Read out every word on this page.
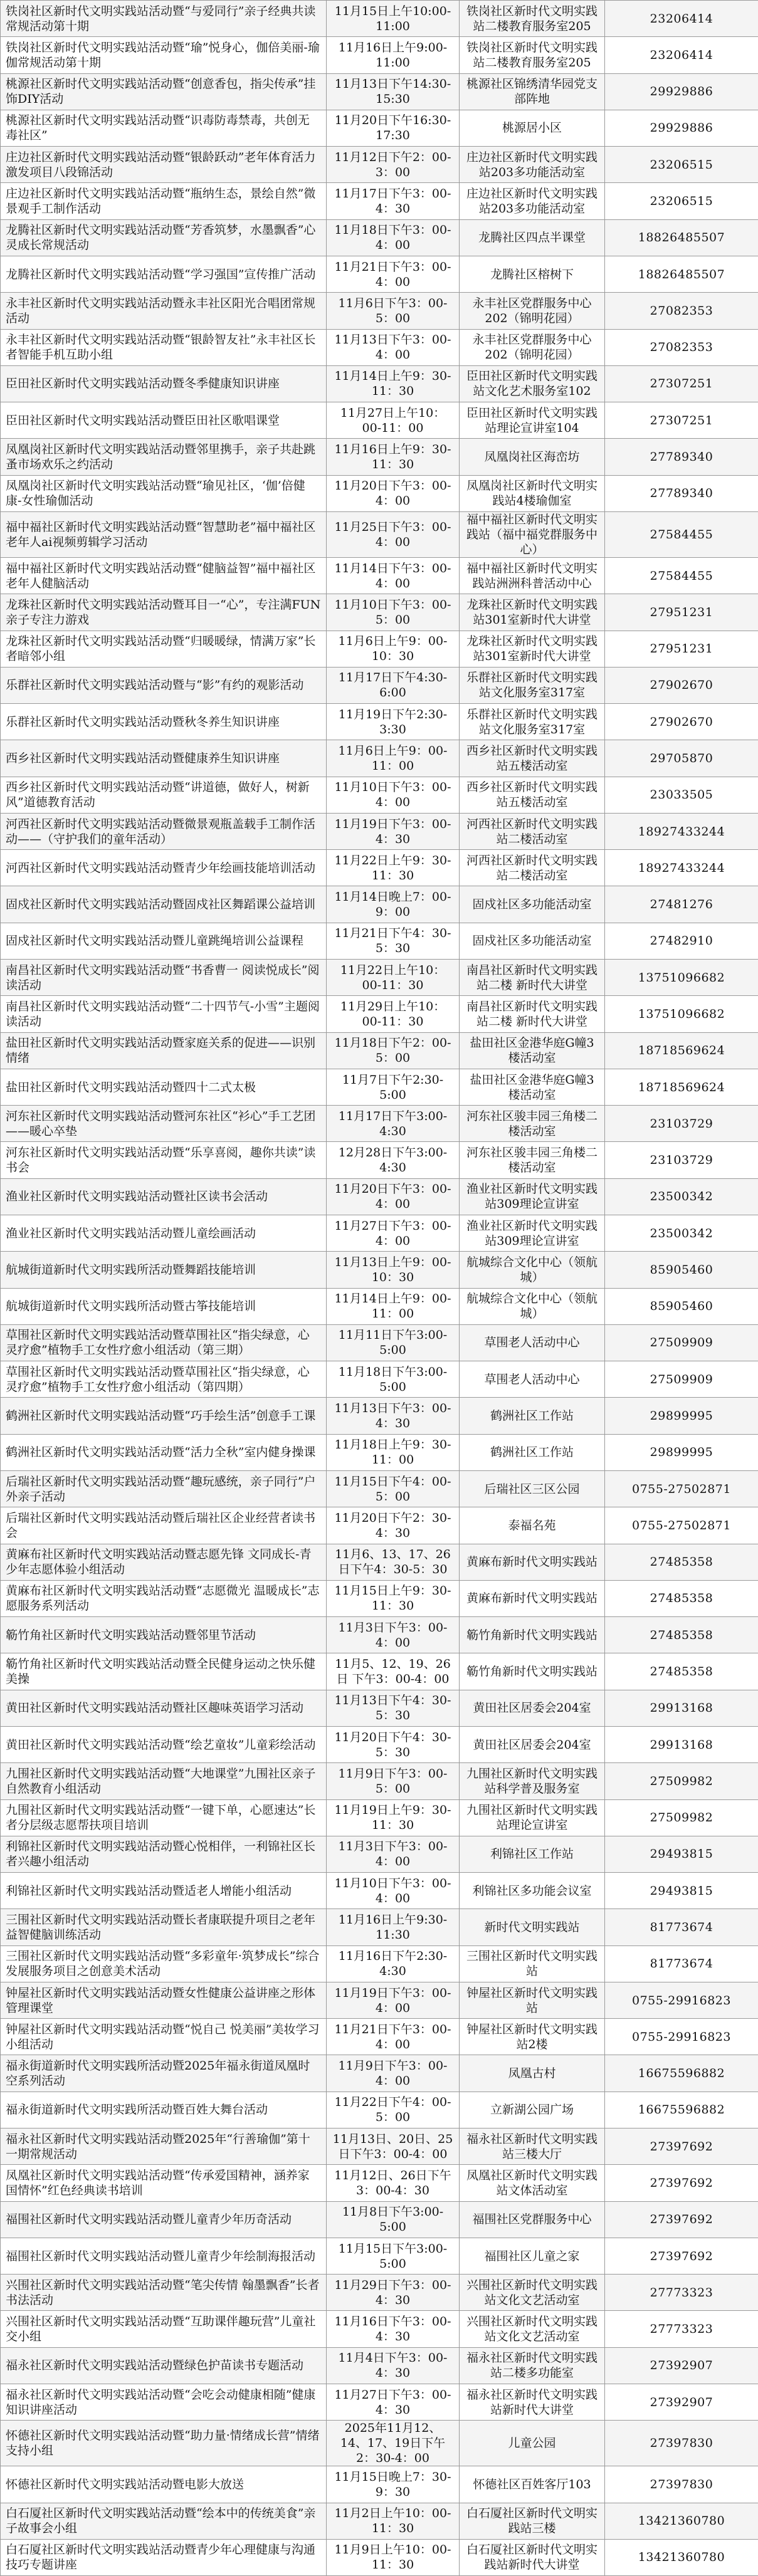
铁岗社区新时代文明实践站活动暨“与爱同行”亲子经典共读常规活动第十期	11月15日上午10:00-11:00	铁岗社区新时代文明实践站二楼教育服务室205	23206414
铁岗社区新时代文明实践站活动暨“瑜”悦身心，伽倍美丽-瑜伽常规活动第十期	11月16日上午9:00-11:00	铁岗社区新时代文明实践站二楼教育服务室205	23206414
桃源社区新时代文明实践站活动暨“创意香包，指尖传承”挂饰DIY活动	11月13日下午14:30-15:30	桃源社区锦绣清华园党支部阵地	29929886
桃源社区新时代文明实践站活动暨“识毒防毒禁毒，共创无毒社区”	11月20日下午16:30-17:30	桃源居小区	29929886
庄边社区新时代文明实践站活动暨“银龄跃动”老年体育活力激发项目八段锦活动	11月12日下午2：00-3：00	庄边社区新时代文明实践站203多功能活动室	23206515
庄边社区新时代文明实践站活动暨“瓶纳生态，景绘自然”微景观手工制作活动	11月17日下午3：00-4：30	庄边社区新时代文明实践站203多功能活动室	23206515
龙腾社区新时代文明实践站活动暨“芳香筑梦，水墨飘香”心灵成长常规活动	11月18日下午3：00-4：00	龙腾社区四点半课堂	18826485507
龙腾社区新时代文明实践站活动暨“学习强国”宣传推广活动	11月21日下午3：00-4：00	龙腾社区榕树下	18826485507
永丰社区新时代文明实践站活动暨永丰社区阳光合唱团常规活动	11月6日下午3：00-5：00	永丰社区党群服务中心202（锦明花园）	27082353
永丰社区新时代文明实践站活动暨“银龄智友社”永丰社区长者智能手机互助小组	11月13日下午3：00-4：00	永丰社区党群服务中心202（锦明花园）	27082353
臣田社区新时代文明实践站活动暨冬季健康知识讲座	11月14日上午9：30-11：30	臣田社区新时代文明实践站文化艺术服务室102	27307251
臣田社区新时代文明实践站活动暨臣田社区歌唱课堂	11月27日上午10：00-11：00	臣田社区新时代文明实践站理论宣讲室104	27307251
凤凰岗社区新时代文明实践站活动暨邻里携手，亲子共赴跳蚤市场欢乐之约活动	11月16日上午9：30-11：30	凤凰岗社区海峦坊	27789340
凤凰岗社区新时代文明实践站活动暨“瑜见社区，‘伽’倍健康-女性瑜伽活动	11月20日下午3：00-4：00	凤凰岗社区新时代文明实践站4楼瑜伽室	27789340
福中福社区新时代文明实践站活动暨“智慧助老”福中福社区老年人ai视频剪辑学习活动	11月25日下午3：00-4：00	福中福社区新时代文明实践站（福中福党群服务中心）	27584455
福中福社区新时代文明实践站活动暨“健脑益智”福中福社区老年人健脑活动	11月14日下午3：00-4：00	福中福社区新时代文明实践站洲洲科普活动中心	27584455
龙珠社区新时代文明实践站活动暨耳目一“心”，专注满FUN亲子专注力游戏	11月10日下午3：00-5：00	龙珠社区新时代文明实践站301室新时代大讲堂	27951231
龙珠社区新时代文明实践站活动暨“归暖暖绿，情满万家”长者暗邻小组	11月6日上午9：00-10：30	龙珠社区新时代文明实践站301室新时代大讲堂	27951231
乐群社区新时代文明实践站活动暨与“影”有约的观影活动	11月17日下午4:30-6:00	乐群社区新时代文明实践站文化服务室317室	27902670
乐群社区新时代文明实践站活动暨秋冬养生知识讲座	11月19日下午2:30-3:30	乐群社区新时代文明实践站文化服务室317室	27902670
西乡社区新时代文明实践站活动暨健康养生知识讲座	11月6日上午9：00-11：00	西乡社区新时代文明实践站五楼活动室	29705870
西乡社区新时代文明实践站活动暨“讲道德，做好人，树新风”道德教育活动	11月10日下午3：00-4：00	西乡社区新时代文明实践站五楼活动室	23033505
河西社区新时代文明实践站活动暨微景观瓶盖载手工制作活动——（守护我们的童年活动）	11月19日下午3：00-4：30	河西社区新时代文明实践站二楼活动室	18927433244
河西社区新时代文明实践站活动暨青少年绘画技能培训活动	11月22日上午9：30-11：30	河西社区新时代文明实践站二楼活动室	18927433244
固戍社区新时代文明实践站活动暨固戍社区舞蹈课公益培训	11月14日晚上7：00-9：00	固戍社区多功能活动室	27481276
固戍社区新时代文明实践站活动暨儿童跳绳培训公益课程	11月21日下午4：30-5：30	固戍社区多功能活动室	27482910
南昌社区新时代文明实践站活动暨“书香曹一 阅读悦成长”阅读活动	11月22日上午10：00-11：30	南昌社区新时代文明实践站二楼 新时代大讲堂	13751096682
南昌社区新时代文明实践站活动暨“二十四节气-小雪”主题阅读活动	11月29日上午10：00-11：30	南昌社区新时代文明实践站二楼 新时代大讲堂	13751096682
盐田社区新时代文明实践站活动暨家庭关系的促进——识别情绪	11月18日下午2：00-5：00	盐田社区金港华庭G幢3楼活动室	18718569624
盐田社区新时代文明实践站活动暨四十二式太极	11月7日下午2:30-5:00	盐田社区金港华庭G幢3楼活动室	18718569624
河东社区新时代文明实践站活动暨河东社区“衫心”手工艺团——暖心卒垫	11月17日下午3:00-4:30	河东社区骏丰园三角楼二楼活动室	23103729
河东社区新时代文明实践站活动暨“乐享喜阅，趣你共读”读书会	12月28日下午3:00-4:30	河东社区骏丰园三角楼二楼活动室	23103729
渔业社区新时代文明实践站活动暨社区读书会活动	11月20日下午3：00-4：00	渔业社区新时代文明实践站309理论宣讲室	23500342
渔业社区新时代文明实践站活动暨儿童绘画活动	11月27日下午3：00-4：00	渔业社区新时代文明实践站309理论宣讲室	23500342
航城街道新时代文明实践所活动暨舞蹈技能培训	11月13日上午9：00-10：30	航城综合文化中心（领航城）	85905460
航城街道新时代文明实践所活动暨古筝技能培训	11月14日上午9：00-11：00	航城综合文化中心（领航城）	85905460
草围社区新时代文明实践站活动暨草围社区“指尖绿意，心灵疗愈”植物手工女性疗愈小组活动（第三期）	11月11日下午3:00-5:00	草围老人活动中心	27509909
草围社区新时代文明实践站活动暨草围社区“指尖绿意，心灵疗愈”植物手工女性疗愈小组活动（第四期）	11月18日下午3:00-5:00	草围老人活动中心	27509909
鹤洲社区新时代文明实践站活动暨“巧手绘生活”创意手工课	11月13日下午3：00-4：30	鹤洲社区工作站	29899995
鹤洲社区新时代文明实践站活动暨“活力全秋”室内健身操课	11月18日上午9：30-11：00	鹤洲社区工作站	29899995
后瑞社区新时代文明实践站活动暨“趣玩感统，亲子同行”户外亲子活动	11月15日下午4：00-5：00	后瑞社区三区公园	0755-27502871
后瑞社区新时代文明实践站活动暨后瑞社区企业经营者读书会	11月20日下午2：30-4：30	泰福名苑	0755-27502871
黄麻布社区新时代文明实践站活动暨志愿先锋 文同成长-青少年志愿体验小组活动	11月6、13、17、26日下午4：30-5：30	黄麻布新时代文明实践站	27485358
黄麻布社区新时代文明实践站活动暨“志愿微光 温暖成长”志愿服务系列活动	11月15日上午9：30-11：30	黄麻布新时代文明实践站	27485358
簕竹角社区新时代文明实践站活动暨邻里节活动	11月3日下午3：00-4：00	簕竹角新时代文明实践站	27485358
簕竹角社区新时代文明实践站活动暨全民健身运动之快乐健美操	11月5、12、19、26日 下午3：00-4：00	簕竹角新时代文明实践站	27485358
黄田社区新时代文明实践站活动暨社区趣味英语学习活动	11月13日下午4：30-5：30	黄田社区居委会204室	29913168
黄田社区新时代文明实践站活动暨“绘艺童妆”儿童彩绘活动	11月20日下午4：30-5：30	黄田社区居委会204室	29913168
九围社区新时代文明实践站活动暨“大地课堂”九围社区亲子自然教育小组活动	11月9日下午3：00-5：00	九围社区新时代文明实践站科学普及服务室	27509982
九围社区新时代文明实践站活动暨“一键下单，心愿速达”长者分层级志愿帮扶项目培训	11月19日上午9：30-11：30	九围社区新时代文明实践站理论宣讲室	27509982
利锦社区新时代文明实践站活动暨心悦相伴，一利锦社区长者兴趣小组活动	11月3日下午3：00-4：00	利锦社区工作站	29493815
利锦社区新时代文明实践站活动暨适老人增能小组活动	11月10日下午3：00-4：00	利锦社区多功能会议室	29493815
三围社区新时代文明实践站活动暨长者康联提升项目之老年益智健脑训练活动	11月16日上午9:30-11:30	新时代文明实践站	81773674
三围社区新时代文明实践站活动暨“多彩童年·筑梦成长”综合发展服务项目之创意美术活动	11月16日下午2:30-4:30	三围社区新时代文明实践站	81773674
钟屋社区新时代文明实践站活动暨女性健康公益讲座之形体管理课堂	11月19日下午3：00-4：00	钟屋社区新时代文明实践站	0755-29916823
钟屋社区新时代文明实践站活动暨“悦自己 悦美丽”美妆学习小组活动	11月21日下午3：00-4：00	钟屋社区新时代文明实践站2楼	0755-29916823
福永街道新时代文明实践所活动暨2025年福永街道凤凰时空系列活动	11月9日下午3：00-4：00	凤凰古村	16675596882
福永街道新时代文明实践所活动暨百姓大舞台活动	11月22日下午4：00-5：00	立新湖公园广场	16675596882
福永社区新时代文明实践站活动暨2025年“行善瑜伽”第十一期常规活动	11月13日、20日、25日下午3：00-4：00	福永社区新时代文明实践站三楼大厅	27397692
凤凰社区新时代文明实践站活动暨“传承爱国精神，涵养家国情怀”红色经典读书培训	11月12日、26日下午3：00-4：30	凤凰社区新时代文明实践站文体活动室	27397692
福围社区新时代文明实践站活动暨儿童青少年历奇活动	11月8日下午3:00-5:00	福围社区党群服务中心	27397692
福围社区新时代文明实践站活动暨儿童青少年绘制海报活动	11月15日下午3:00-5:00	福围社区儿童之家	27397692
兴围社区新时代文明实践站活动暨“笔尖传情 翰墨飘香”长者书法活动	11月29日下午3：00-4：30	兴围社区新时代文明实践站文化文艺活动室	27773323
兴围社区新时代文明实践站活动暨“互助课伴趣玩营”儿童社交小组	11月16日下午3：00-4：30	兴围社区新时代文明实践站文化文艺活动室	27773323
福永社区新时代文明实践站活动暨绿色护苗读书专题活动	11月4日下午3：00-4：30	福永社区新时代文明实践站二楼多功能室	27392907
福永社区新时代文明实践站活动暨“会吃会动健康相随”健康知识讲座活动	11月27日下午3：00-4：30	福永社区新时代文明实践站新时代大讲堂	27392907
怀德社区新时代文明实践站活动暨“助力量·情绪成长营”情绪支持小组	2025年11月12、14、17、19日下午2：30-4：00	儿童公园	27397830
怀德社区新时代文明实践站活动暨电影大放送	11月15日晚上7：30-9：30	怀德社区百姓客厅103	27397830
白石厦社区新时代文明实践站活动暨“绘本中的传统美食”亲子故事会小组	11月2日上午10：00-11：30	白石厦社区新时代文明实践站三楼	13421360780
白石厦社区新时代文明实践站活动暨青少年心理健康与沟通技巧专题讲座	11月9日上午10：00-11：30	白石厦社区新时代文明实践站新时代大讲堂	13421360780
